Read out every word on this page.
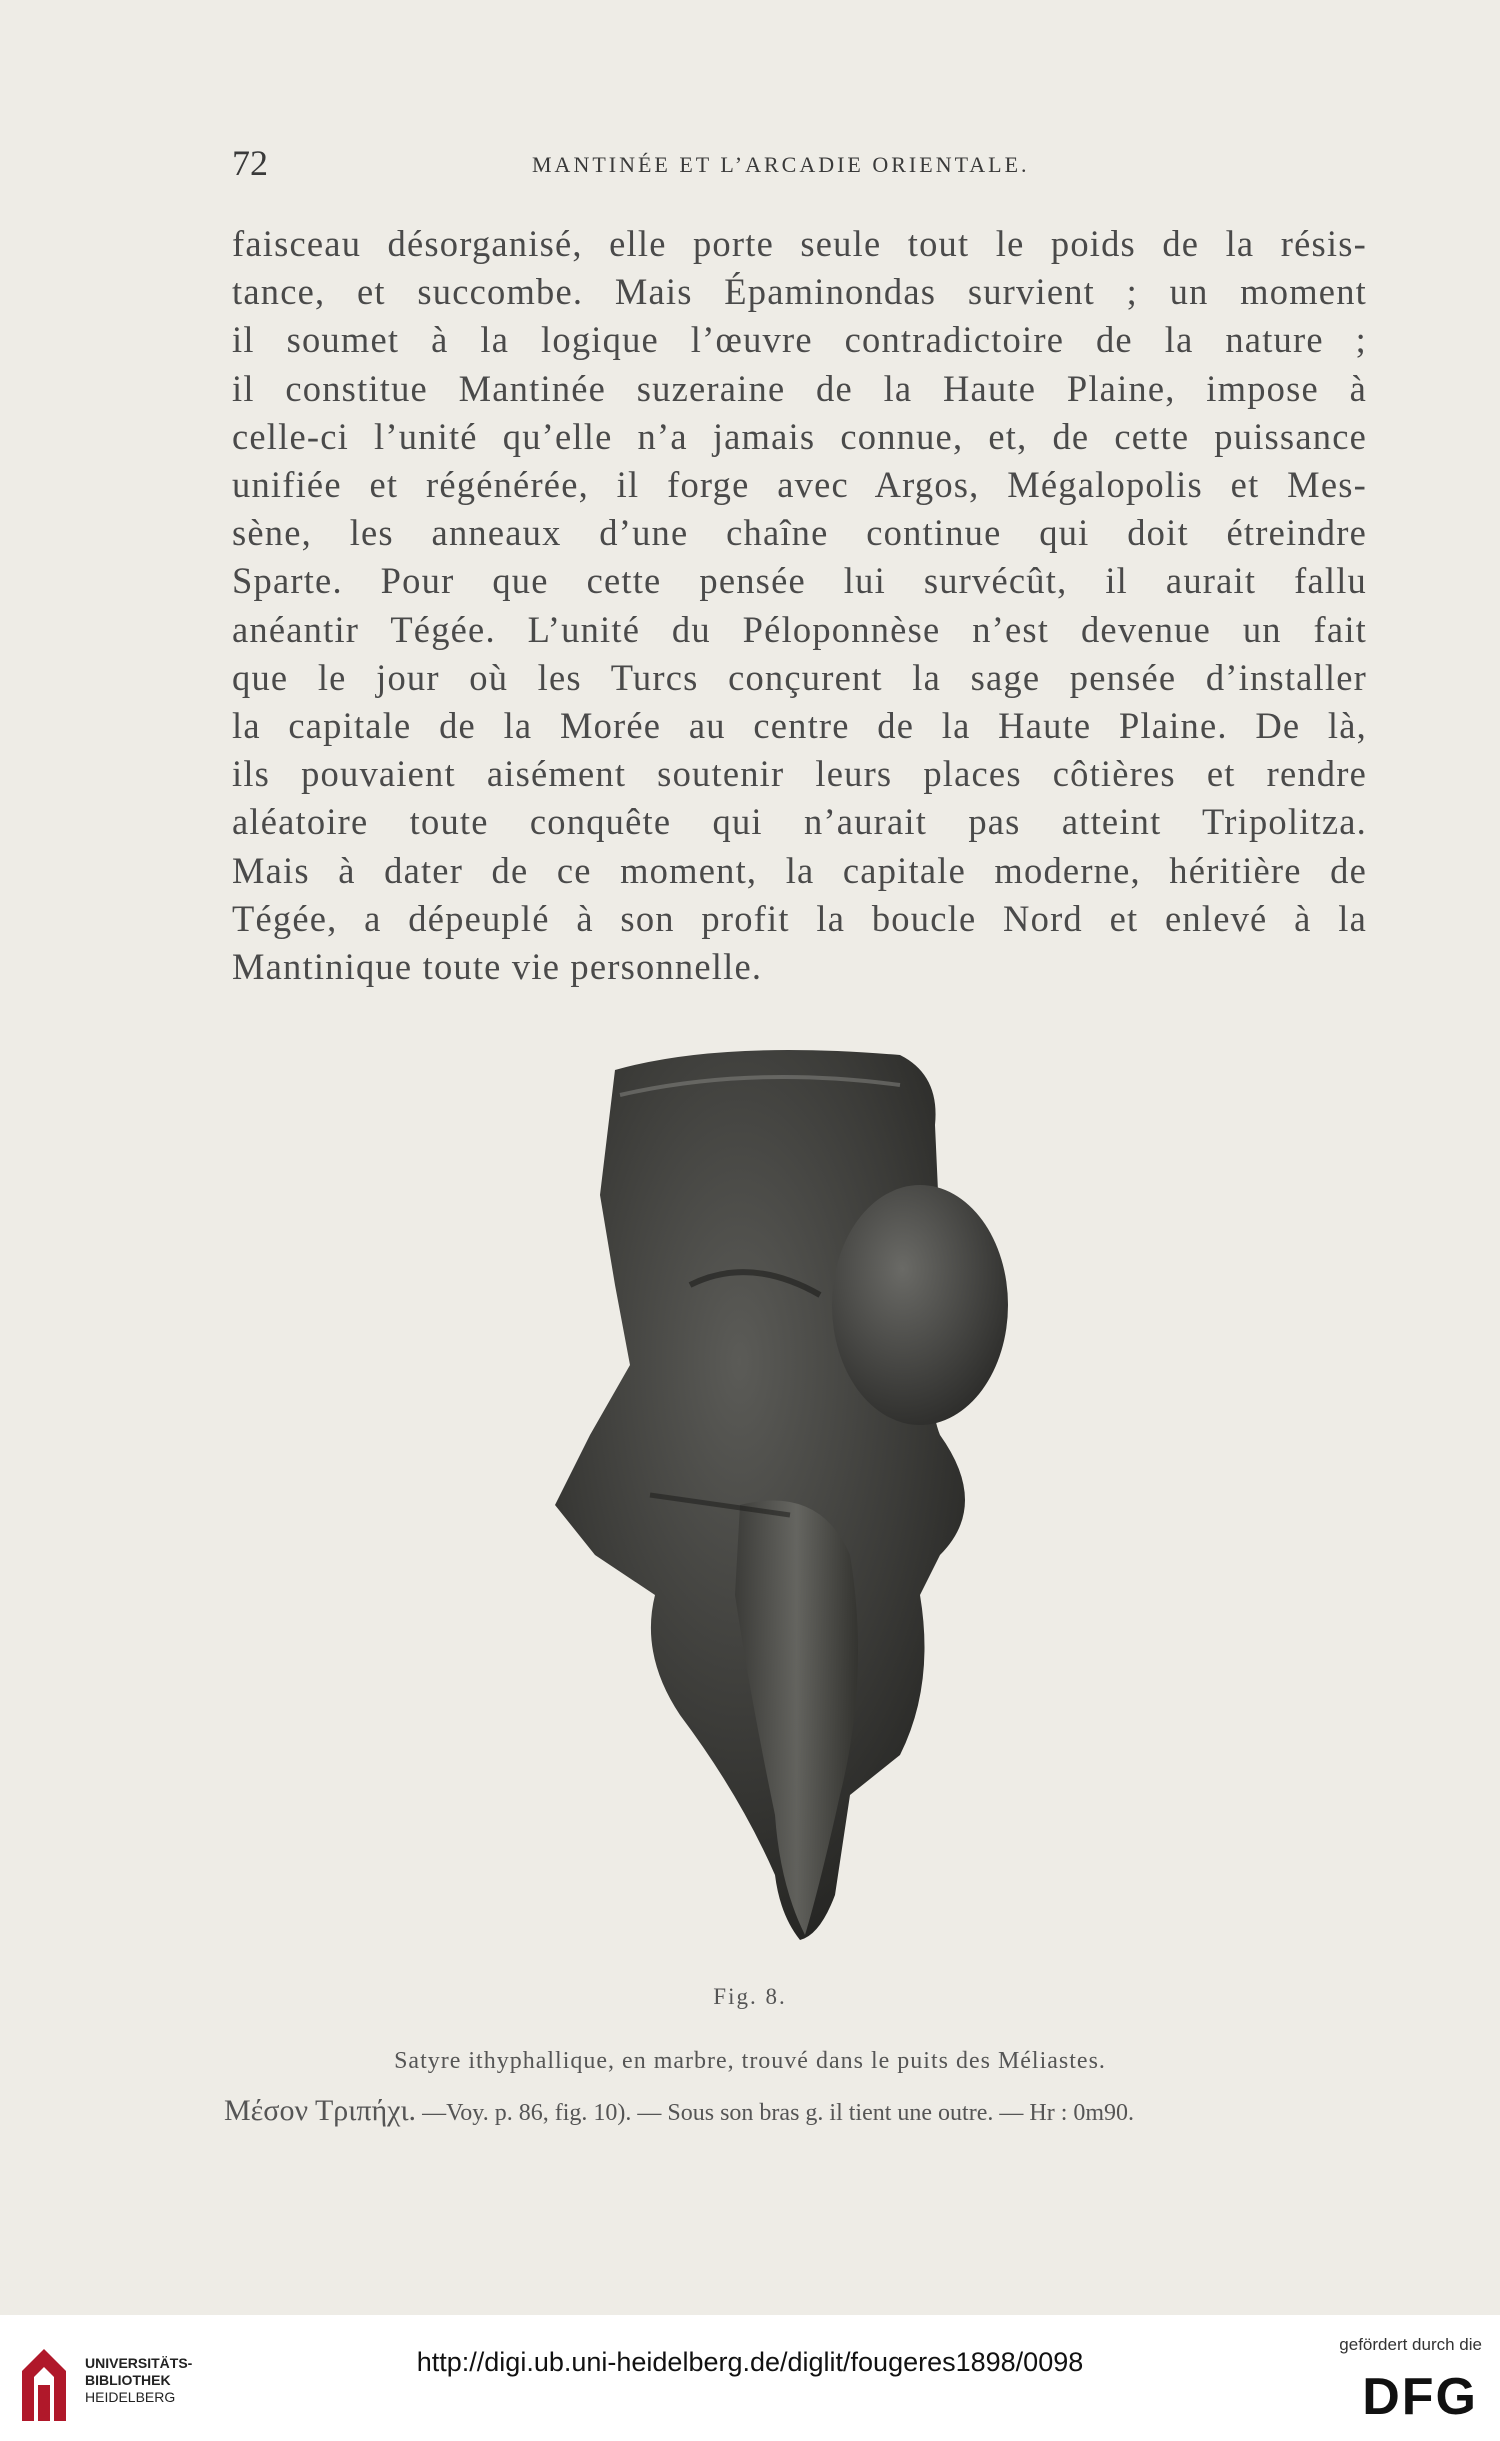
72	MANTINÉE ET L’ARCADIE ORIENTALE.
faisceau désorganisé, elle porte seule tout le poids de la résis-
tance, et succombe. Mais Épaminondas survient ; un moment
il soumet à la logique l’œuvre contradictoire de la nature ;
il constitue Mantinée suzeraine de la Haute Plaine, impose à
celle-ci l’unité qu’elle n’a jamais connue, et, de cette puissance
unifiée et régénérée, il forge avec Argos, Mégalopolis et Mes-
sène, les anneaux d’une chaîne continue qui doit étreindre
Sparte. Pour que cette pensée lui survécût, il aurait fallu
anéantir Tégée. L’unité du Péloponnèse n’est devenue un fait
que le jour où les Turcs conçurent la sage pensée d’installer
la capitale de la Morée au centre de la Haute Plaine. De là,
ils pouvaient aisément soutenir leurs places côtières et rendre
aléatoire toute conquête qui n’aurait pas atteint Tripolitza.
Mais à dater de ce moment, la capitale moderne, héritière de
Tégée, a dépeuplé à son profit la boucle Nord et enlevé à la
Mantinique toute vie personnelle.
Fig. 8.
Satyre ithyphallique, en marbre, trouvé dans le puits des Méliastes.
Μέσον Τριπήχι. —Voy. p. 86, fig. 10). — Sous son bras g. il tient une outre. — Hr : 0m90.
UNIVERSITÄTS-
BIBLIOTHEK
HEIDELBERG
http://digi.ub.uni-heidelberg.de/diglit/fougeres1898/0098
gefördert durch die
DFG
